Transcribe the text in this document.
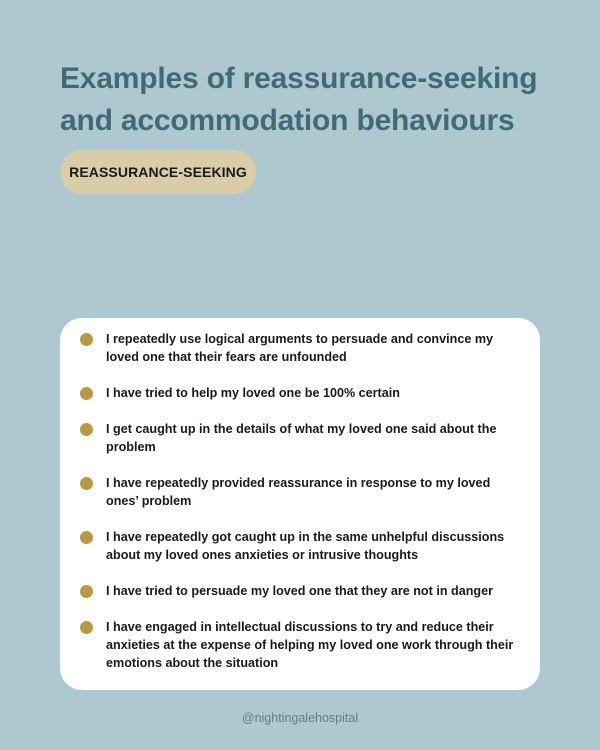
Examples of reassurance-seeking and accommodation behaviours
REASSURANCE-SEEKING
I repeatedly use logical arguments to persuade and convince my loved one that their fears are unfounded
I have tried to help my loved one be 100% certain
I get caught up in the details of what my loved one said about the problem
I have repeatedly provided reassurance in response to my loved ones’ problem
I have repeatedly got caught up in the same unhelpful discussions about my loved ones anxieties or intrusive thoughts
I have tried to persuade my loved one that they are not in danger
I have engaged in intellectual discussions to try and reduce their anxieties at the expense of helping my loved one work through their emotions about the situation
@nightingalehospital
